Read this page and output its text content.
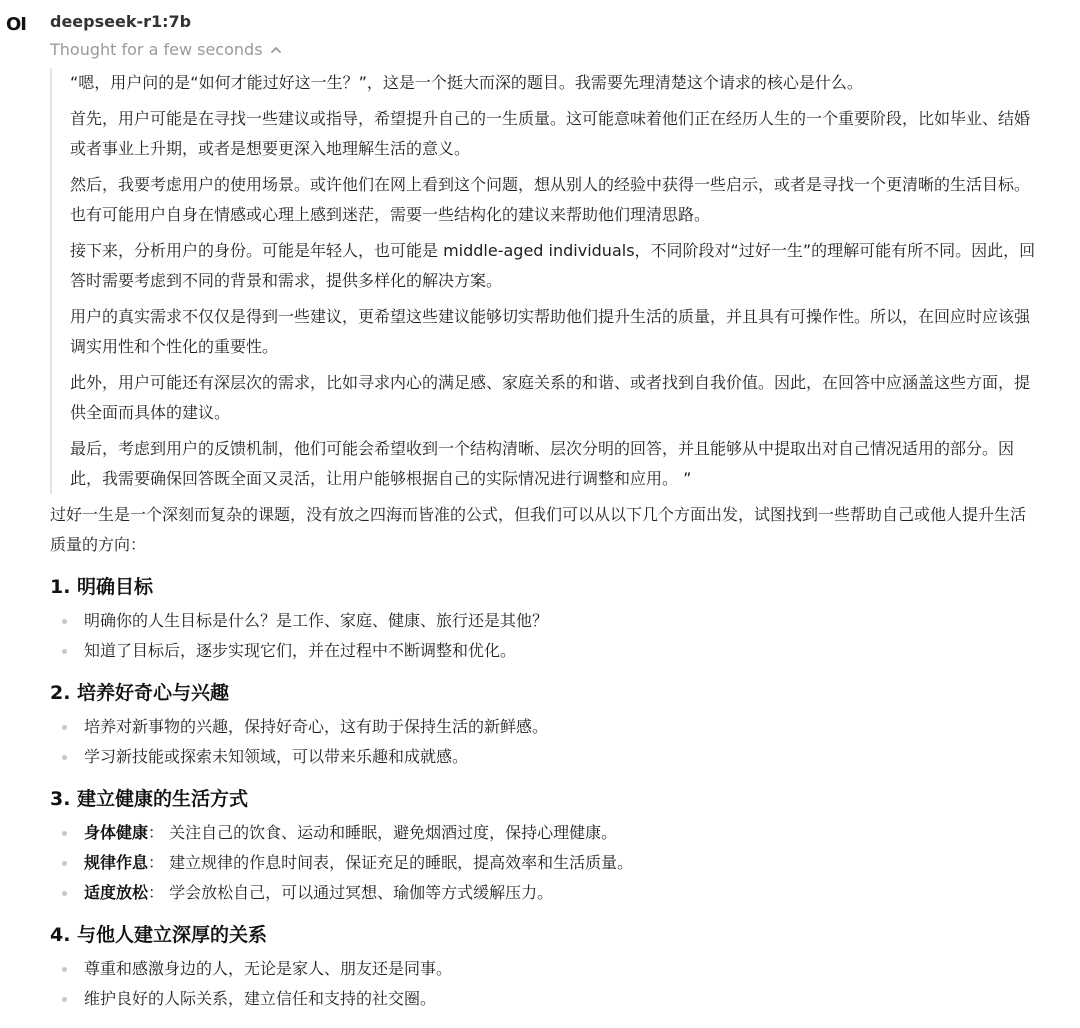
OI deepseek-r1:7b
Thought for a few seconds

“嗯，用户问的是“如何才能过好这一生？”，这是一个挺大而深的题目。我需要先理清楚这个请求的核心是什么。

首先，用户可能是在寻找一些建议或指导，希望提升自己的一生质量。这可能意味着他们正在经历人生的一个重要阶段，比如毕业、结婚或者事业上升期，或者是想要更深入地理解生活的意义。

然后，我要考虑用户的使用场景。或许他们在网上看到这个问题，想从别人的经验中获得一些启示，或者是寻找一个更清晰的生活目标。也有可能用户自身在情感或心理上感到迷茫，需要一些结构化的建议来帮助他们理清思路。

接下来，分析用户的身份。可能是年轻人，也可能是 middle-aged individuals，不同阶段对“过好一生”的理解可能有所不同。因此，回答时需要考虑到不同的背景和需求，提供多样化的解决方案。

用户的真实需求不仅仅是得到一些建议，更希望这些建议能够切实帮助他们提升生活的质量，并且具有可操作性。所以，在回应时应该强调实用性和个性化的重要性。

此外，用户可能还有深层次的需求，比如寻求内心的满足感、家庭关系的和谐、或者找到自我价值。因此，在回答中应涵盖这些方面，提供全面而具体的建议。

最后，考虑到用户的反馈机制，他们可能会希望收到一个结构清晰、层次分明的回答，并且能够从中提取出对自己情况适用的部分。因此，我需要确保回答既全面又灵活，让用户能够根据自己的实际情况进行调整和应用。 ”

过好一生是一个深刻而复杂的课题，没有放之四海而皆准的公式，但我们可以从以下几个方面出发，试图找到一些帮助自己或他人提升生活质量的方向：

1. 明确目标
明确你的人生目标是什么？是工作、家庭、健康、旅行还是其他？
知道了目标后，逐步实现它们，并在过程中不断调整和优化。
2. 培养好奇心与兴趣
培养对新事物的兴趣，保持好奇心，这有助于保持生活的新鲜感。
学习新技能或探索未知领域，可以带来乐趣和成就感。
3. 建立健康的生活方式
身体健康： 关注自己的饮食、运动和睡眠，避免烟酒过度，保持心理健康。
规律作息： 建立规律的作息时间表，保证充足的睡眠，提高效率和生活质量。
适度放松： 学会放松自己，可以通过冥想、瑜伽等方式缓解压力。
4. 与他人建立深厚的关系
尊重和感激身边的人，无论是家人、朋友还是同事。
维护良好的人际关系，建立信任和支持的社交圈。
